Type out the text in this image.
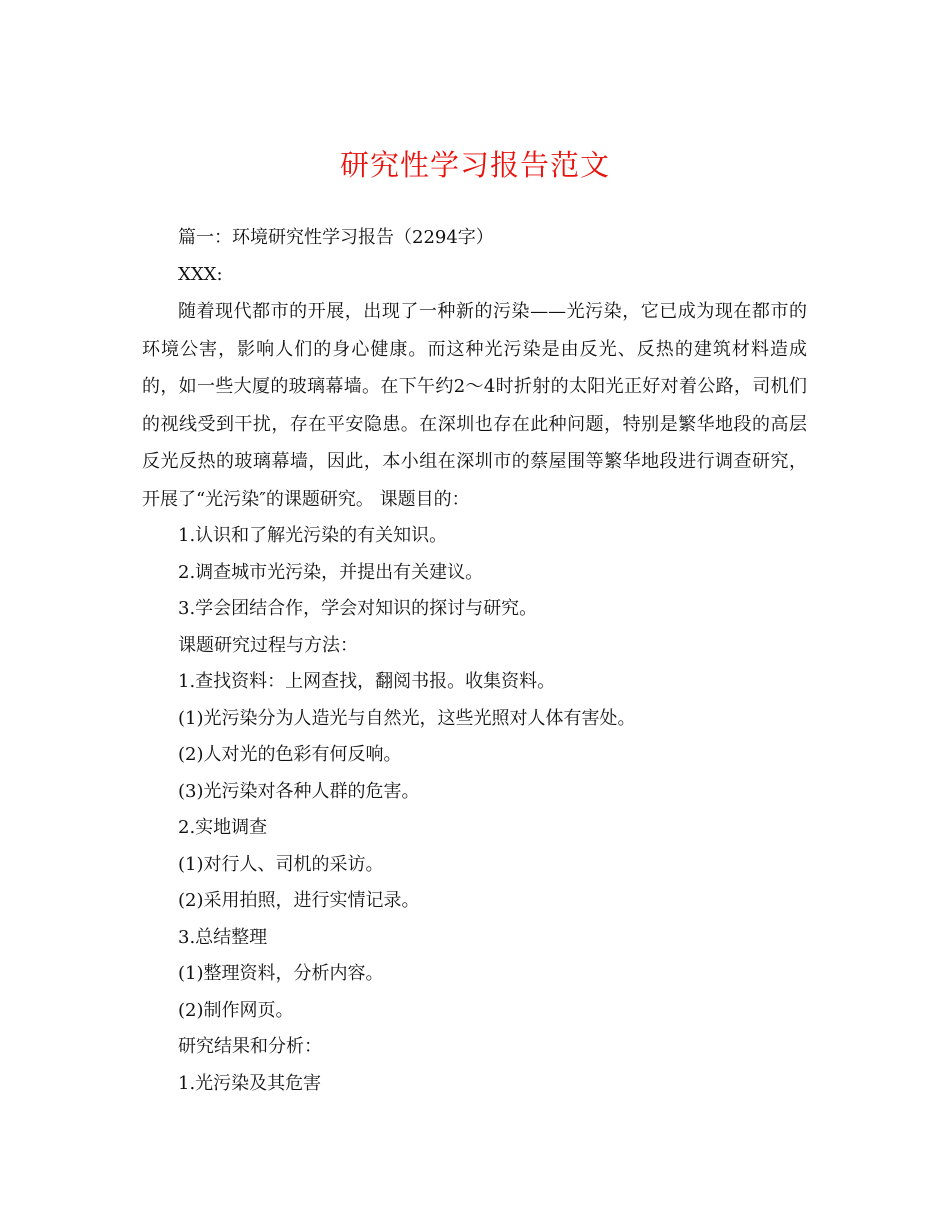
研究性学习报告范文

篇一：环境研究性学习报告（2294字）

XXX:

随着现代都市的开展，出现了一种新的污染——光污染，它已成为现在都市的环境公害，影响人们的身心健康。而这种光污染是由反光、反热的建筑材料造成的，如一些大厦的玻璃幕墙。在下午约2～4时折射的太阳光正好对着公路，司机们的视线受到干扰，存在平安隐患。在深圳也存在此种问题，特别是繁华地段的高层反光反热的玻璃幕墙，因此，本小组在深圳市的蔡屋围等繁华地段进行调查研究，开展了“光污染″的课题研究。 课题目的：

1.认识和了解光污染的有关知识。

2.调查城市光污染，并提出有关建议。

3.学会团结合作，学会对知识的探讨与研究。

课题研究过程与方法：

1.查找资料：上网查找，翻阅书报。收集资料。

(1)光污染分为人造光与自然光，这些光照对人体有害处。

(2)人对光的色彩有何反响。

(3)光污染对各种人群的危害。

2.实地调查

(1)对行人、司机的采访。

(2)采用拍照，进行实情记录。

3.总结整理

(1)整理资料，分析内容。

(2)制作网页。

研究结果和分析：

1.光污染及其危害
